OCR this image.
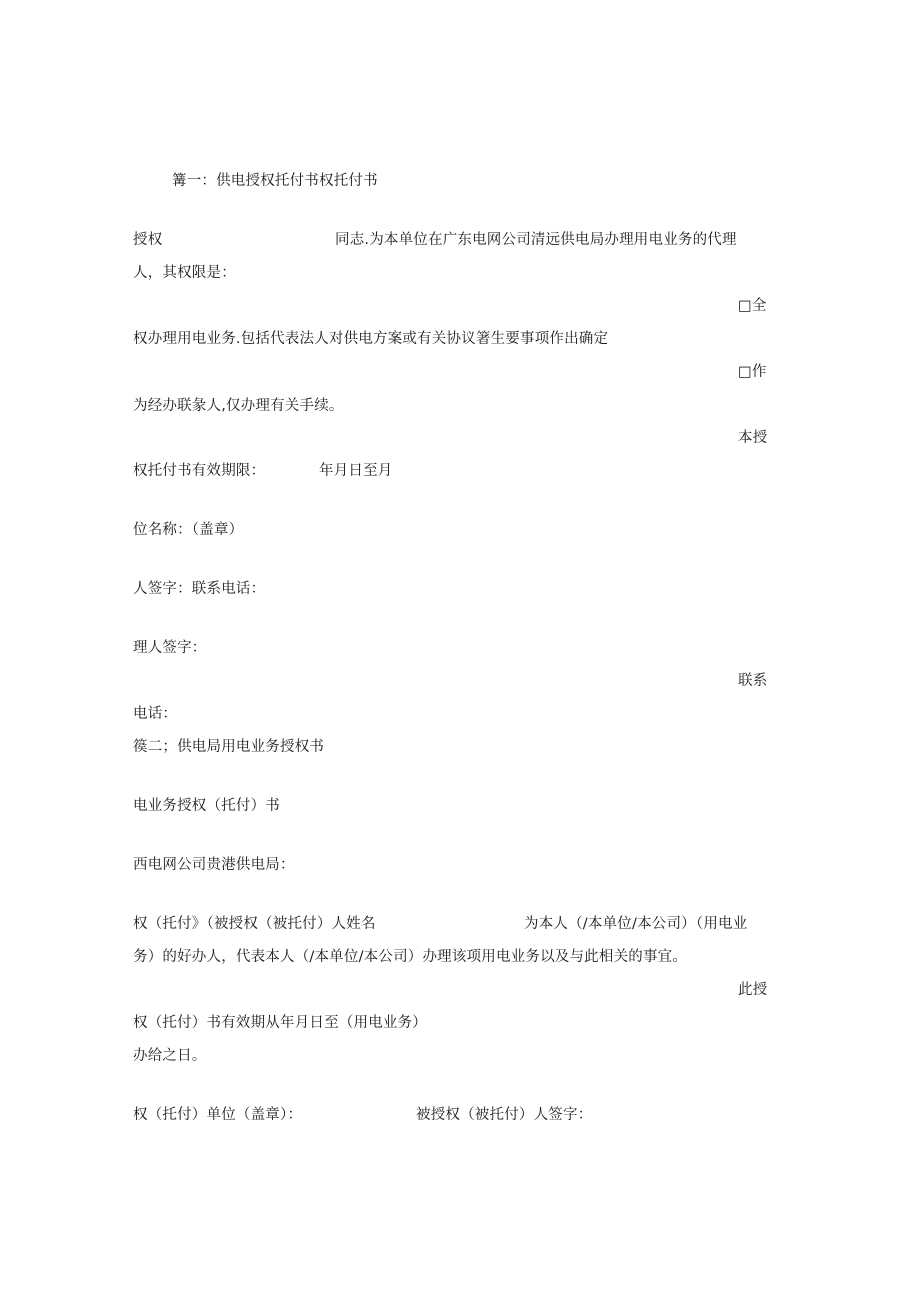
篝一：供电授权托付书权托付书
授权	同志.为本单位在广东电网公司清远供电局办理用电业务的代理
人，其权限是：
□全
权办理用电业务.包括代表法人对供电方案或有关协议箸生要事项作出确定
□作
为经办联彖人,仅办理有关手续。
本授
权托付书有效期限：	年月日至月
位名称：（盖章）
人签字：联系电话：
理人签字：
联系
电话：
篌二；供电局用电业务授权书
电业务授权（托付）书
西电网公司贵港供电局：
权（托付》（被授权（被托付）人姓名	为本人（/本单位/本公司）（用电业
务）的好办人，代表本人（/本单位/本公司）办理该项用电业务以及与此相关的事宜。
此授
权（托付）书有效期从年月日至（用电业务）
办给之日。
权（托付）单位（盖章）：	被授权（被托付）人签字：
